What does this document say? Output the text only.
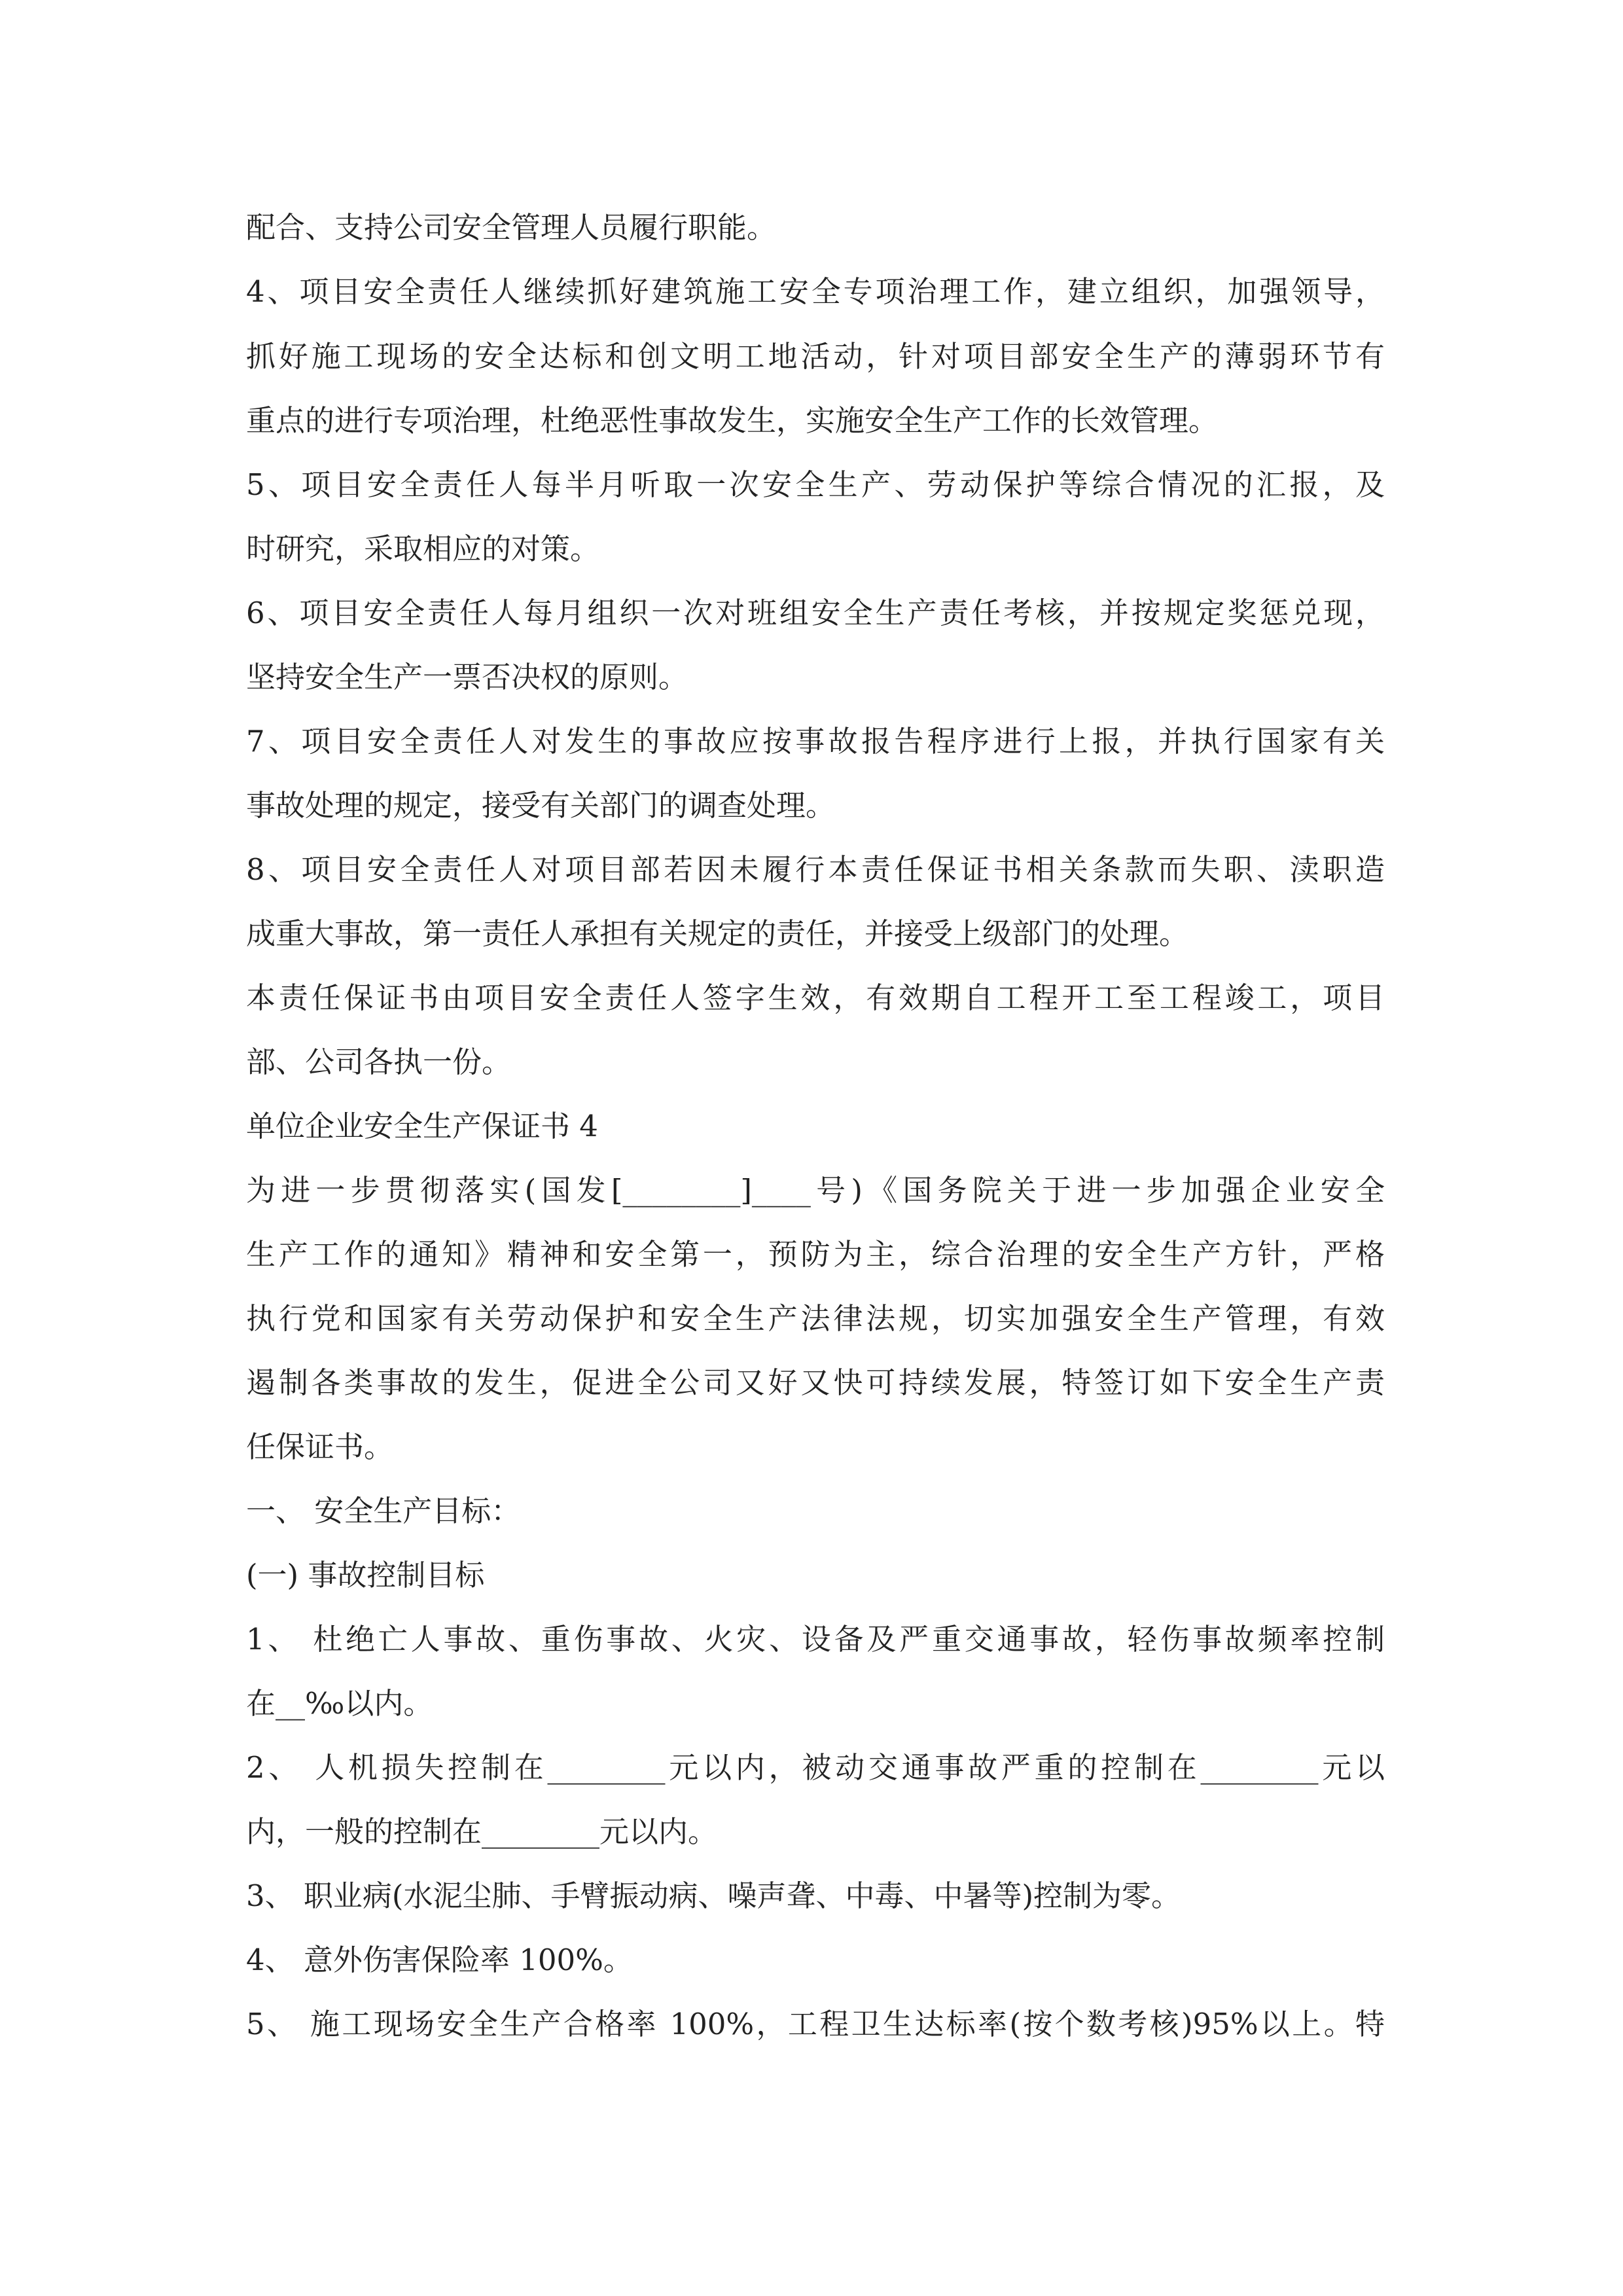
配合、支持公司安全管理人员履行职能。
4、项目安全责任人继续抓好建筑施工安全专项治理工作，建立组织，加强领导，
抓好施工现场的安全达标和创文明工地活动，针对项目部安全生产的薄弱环节有
重点的进行专项治理，杜绝恶性事故发生，实施安全生产工作的长效管理。
5、项目安全责任人每半月听取一次安全生产、劳动保护等综合情况的汇报，及
时研究，采取相应的对策。
6、项目安全责任人每月组织一次对班组安全生产责任考核，并按规定奖惩兑现，
坚持安全生产一票否决权的原则。
7、项目安全责任人对发生的事故应按事故报告程序进行上报，并执行国家有关
事故处理的规定，接受有关部门的调查处理。
8、项目安全责任人对项目部若因未履行本责任保证书相关条款而失职、渎职造
成重大事故，第一责任人承担有关规定的责任，并接受上级部门的处理。
本责任保证书由项目安全责任人签字生效，有效期自工程开工至工程竣工，项目
部、公司各执一份。
单位企业安全生产保证书 4
为进一步贯彻落实(国发[________]____号)《国务院关于进一步加强企业安全
生产工作的通知》精神和安全第一，预防为主，综合治理的安全生产方针，严格
执行党和国家有关劳动保护和安全生产法律法规，切实加强安全生产管理，有效
遏制各类事故的发生，促进全公司又好又快可持续发展，特签订如下安全生产责
任保证书。
一、 安全生产目标：
(一) 事故控制目标
1、 杜绝亡人事故、重伤事故、火灾、设备及严重交通事故，轻伤事故频率控制
在__‰以内。
2、 人机损失控制在________元以内，被动交通事故严重的控制在________元以
内，一般的控制在________元以内。
3、 职业病(水泥尘肺、手臂振动病、噪声聋、中毒、中暑等)控制为零。
4、 意外伤害保险率 100%。
5、 施工现场安全生产合格率 100%，工程卫生达标率(按个数考核)95%以上。特
